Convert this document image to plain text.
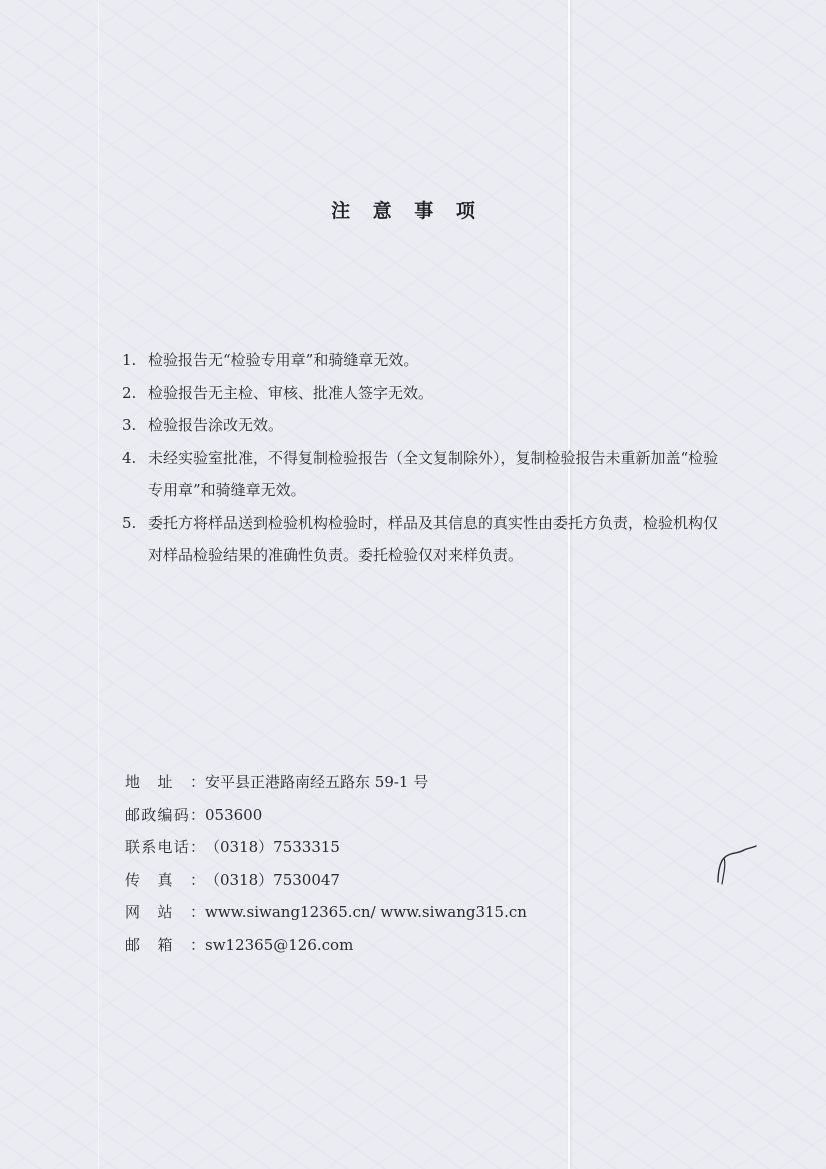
注 意 事 项
1. 检验报告无“检验专用章”和骑缝章无效。
2. 检验报告无主检、审核、批准人签字无效。
3. 检验报告涂改无效。
4. 未经实验室批准，不得复制检验报告（全文复制除外），复制检验报告未重新加盖“检验专用章”和骑缝章无效。
5. 委托方将样品送到检验机构检验时，样品及其信息的真实性由委托方负责，检验机构仅对样品检验结果的准确性负责。委托检验仅对来样负责。
地址：安平县正港路南经五路东 59-1 号
邮政编码：053600
联系电话：（0318）7533315
传真：（0318）7530047
网站：www.siwang12365.cn/ www.siwang315.cn
邮箱：sw12365@126.com
